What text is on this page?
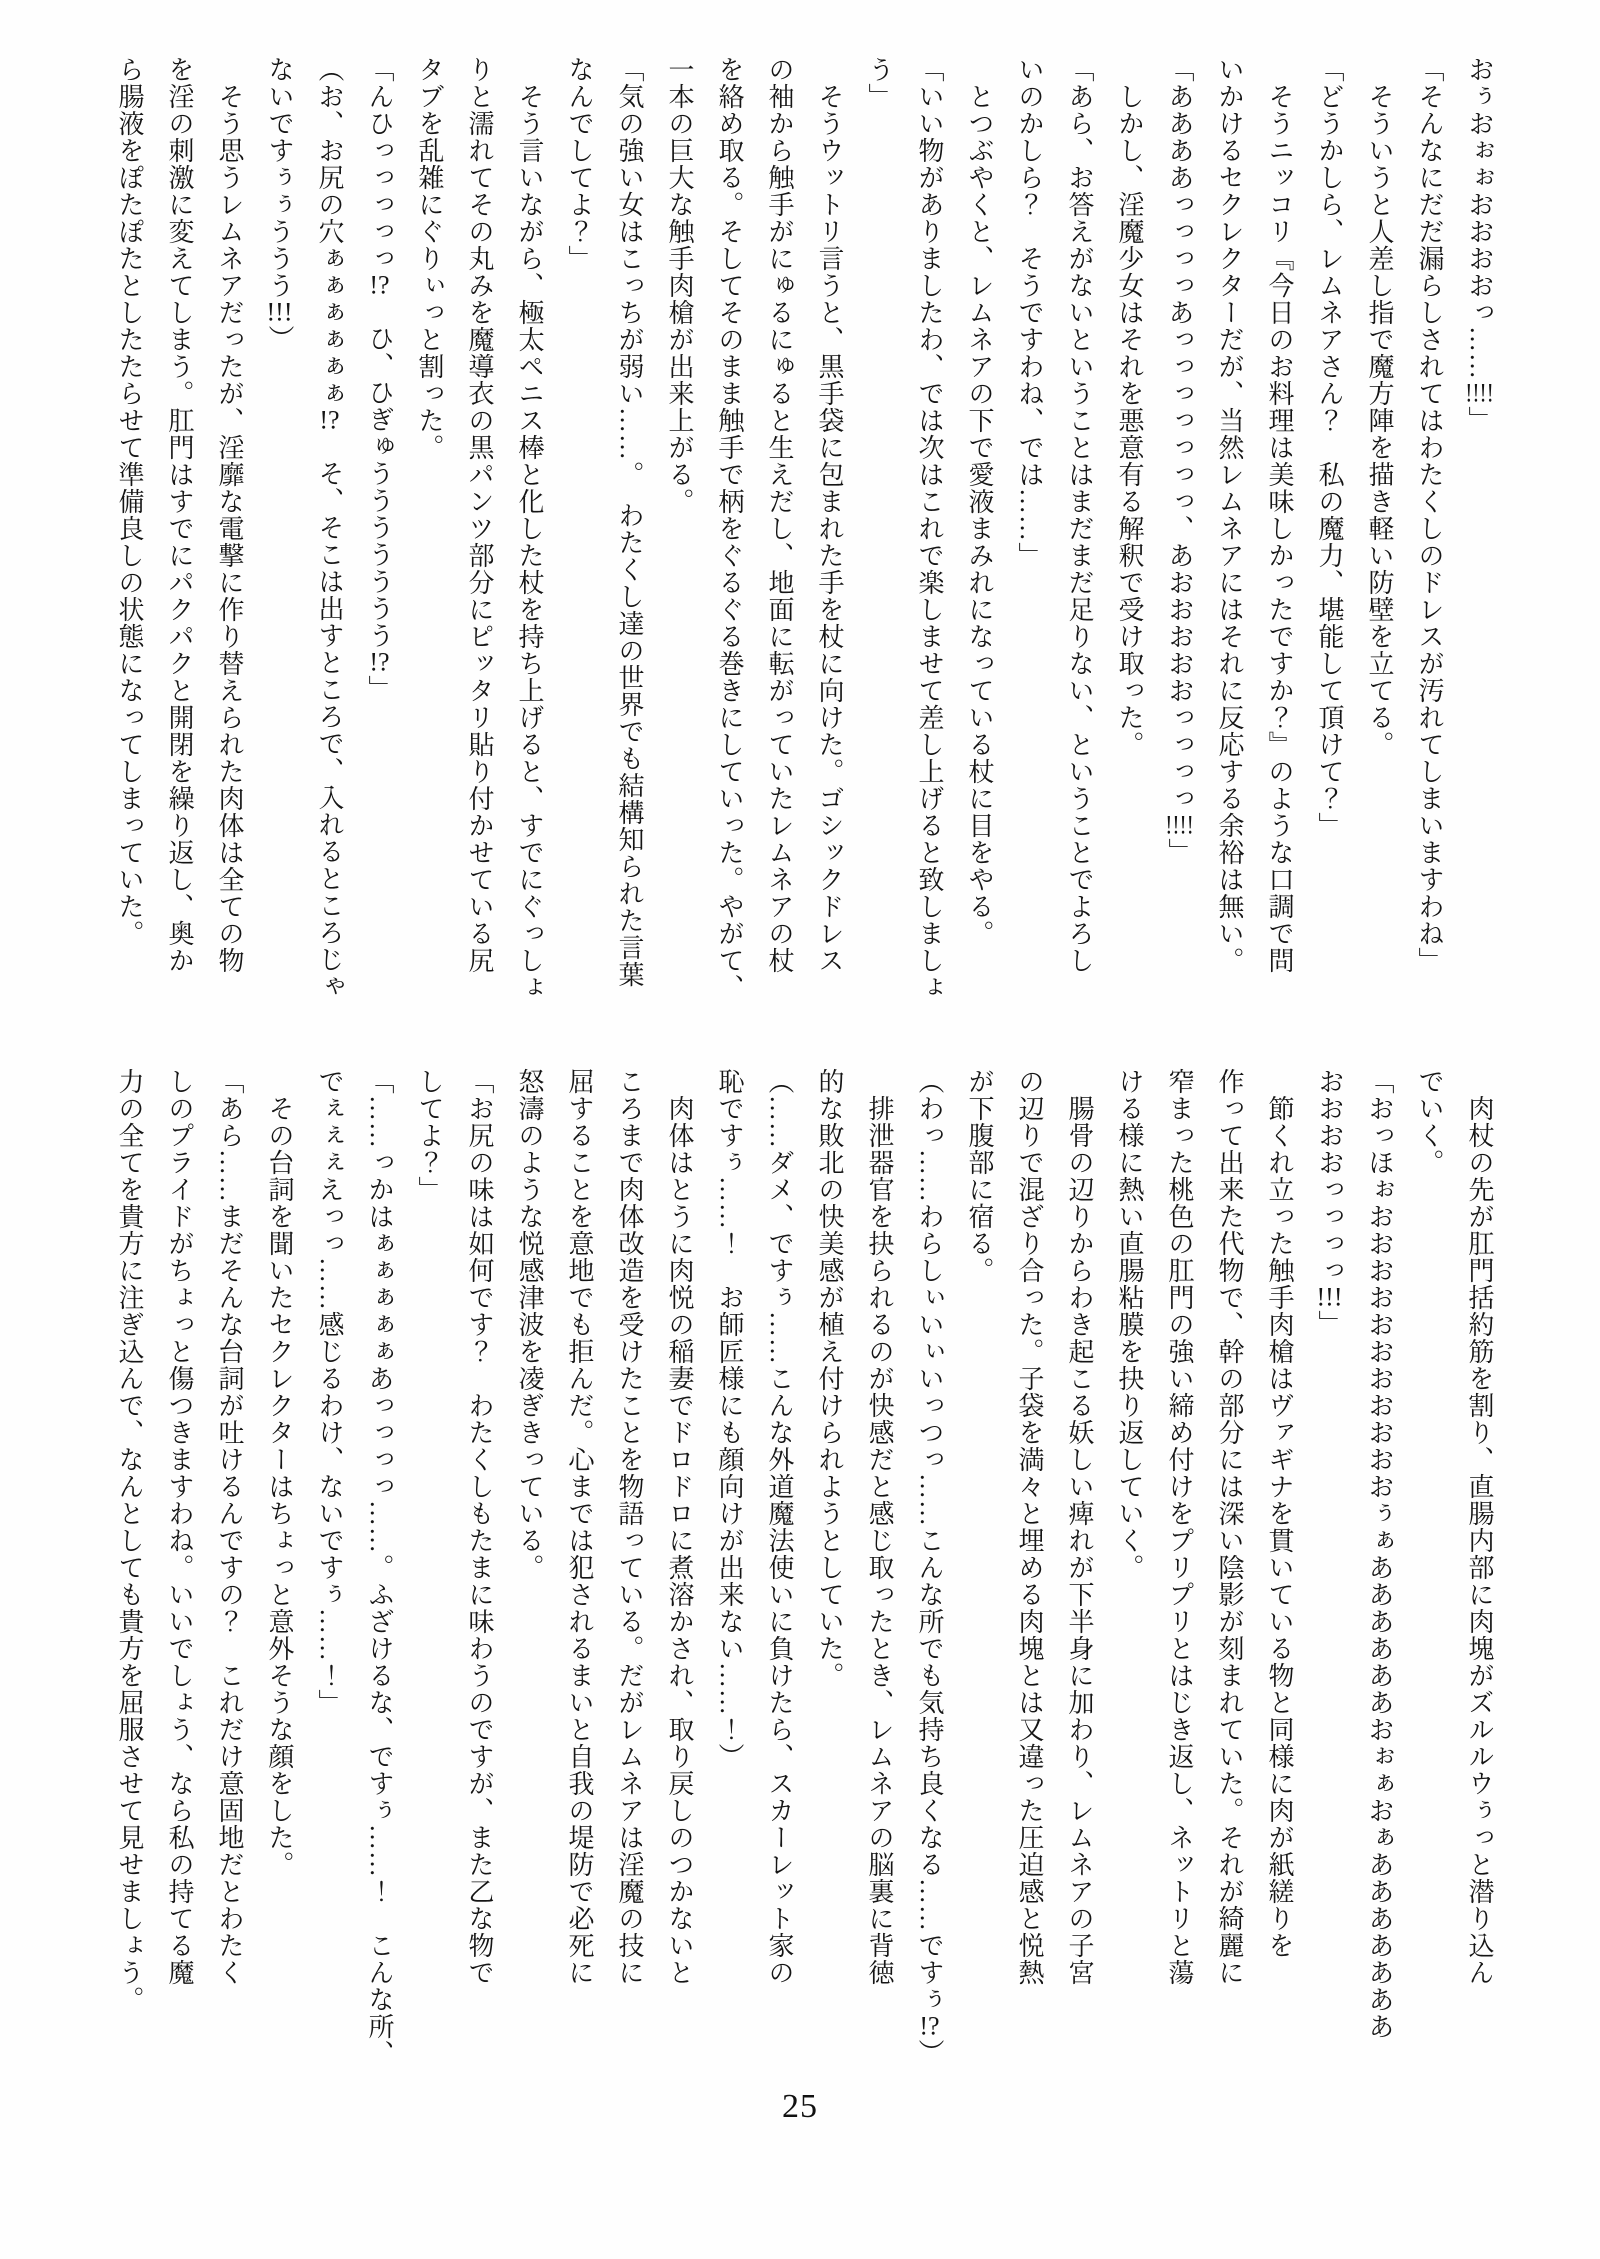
おぅおぉぉおおおおっ……!!!!」

「そんなにだだ漏らしされてはわたくしのドレスが汚れてしまいますわね」

そういうと人差し指で魔方陣を描き軽い防壁を立てる。

「どうかしら、レムネアさん？　私の魔力、堪能して頂けて？」

そうニッコリ『今日のお料理は美味しかったですか？』のような口調で問

いかけるセクレクターだが、当然レムネアにはそれに反応する余裕は無い。

「ああああっっっっあっっっっっっっ、あおおおおおっっっっ!!!!」

しかし、淫魔少女はそれを悪意有る解釈で受け取った。

「あら、お答えがないということはまだまだ足りない、ということでよろし

いのかしら？　そうですわね、では……」

とつぶやくと、レムネアの下で愛液まみれになっている杖に目をやる。

「いい物がありましたわ、では次はこれで楽しませて差し上げると致しましょ

う」

そうウットリ言うと、黒手袋に包まれた手を杖に向けた。ゴシックドレス

の袖から触手がにゅるにゅると生えだし、地面に転がっていたレムネアの杖

を絡め取る。そしてそのまま触手で柄をぐるぐる巻きにしていった。やがて、

一本の巨大な触手肉槍が出来上がる。

「気の強い女はこっちが弱い……。　わたくし達の世界でも結構知られた言葉

なんでしてよ？」

そう言いながら、極太ペニス棒と化した杖を持ち上げると、すでにぐっしょ

りと濡れてその丸みを魔導衣の黒パンツ部分にピッタリ貼り付かせている尻

タブを乱雑にぐりぃっと割った。

「んひっっっっっ!?　ひ、ひぎゅううううううう!?」

（お、お尻の穴ぁぁぁぁぁぁ!?　そ、そこは出すところで、入れるところじゃ

ないですぅぅううう!!!）

そう思うレムネアだったが、淫靡な電撃に作り替えられた肉体は全ての物

を淫の刺激に変えてしまう。肛門はすでにパクパクと開閉を繰り返し、奥か

ら腸液をぽたぽたとしたたらせて準備良しの状態になってしまっていた。

肉杖の先が肛門括約筋を割り、直腸内部に肉塊がズルルウぅっと潜り込ん

でいく。

「おっほぉおおおおおおおおおおおぅぁああああああおぉぁおぁあああああああ

おおおおっっっっ!!!」

節くれ立った触手肉槍はヴァギナを貫いている物と同様に肉が紙縒りを

作って出来た代物で、幹の部分には深い陰影が刻まれていた。それが綺麗に

窄まった桃色の肛門の強い締め付けをプリプリとはじき返し、ネットリと蕩

ける様に熱い直腸粘膜を抉り返していく。

腸骨の辺りからわき起こる妖しい痺れが下半身に加わり、レムネアの子宮

の辺りで混ざり合った。子袋を満々と埋める肉塊とは又違った圧迫感と悦熱

が下腹部に宿る。

（わっ……わらしぃいぃいっつっ……こんな所でも気持ち良くなる……ですぅ!?）

排泄器官を抉られるのが快感だと感じ取ったとき、レムネアの脳裏に背徳

的な敗北の快美感が植え付けられようとしていた。

（……ダメ、ですぅ……こんな外道魔法使いに負けたら、スカーレット家の

恥ですぅ……！　お師匠様にも顔向けが出来ない……！）

肉体はとうに肉悦の稲妻でドロドロに煮溶かされ、取り戻しのつかないと

ころまで肉体改造を受けたことを物語っている。だがレムネアは淫魔の技に

屈することを意地でも拒んだ。心までは犯されるまいと自我の堤防で必死に

怒濤のような悦感津波を凌ぎきっている。

「お尻の味は如何です？　わたくしもたまに味わうのですが、また乙な物で

してよ？」

「……っかはぁぁぁぁぁあっっっっ……。ふざけるな、ですぅ……！　こんな所、

でぇぇぇえっっ……感じるわけ、ないですぅ……！」

その台詞を聞いたセクレクターはちょっと意外そうな顔をした。

「あら……まだそんな台詞が吐けるんですの？　これだけ意固地だとわたく

しのプライドがちょっと傷つきますわね。いいでしょう、なら私の持てる魔

力の全てを貴方に注ぎ込んで、なんとしても貴方を屈服させて見せましょう。

25
